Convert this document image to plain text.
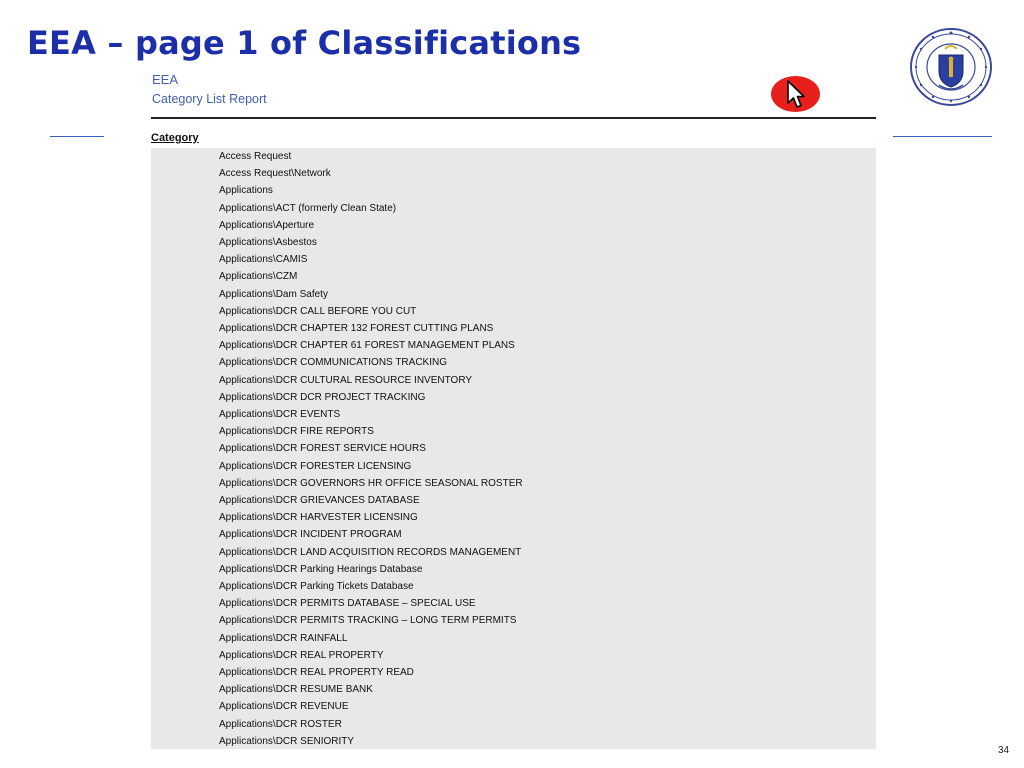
EEA – page 1 of Classifications
EEA
Category List Report
Category
Access Request
Access Request\Network
Applications
Applications\ACT (formerly Clean State)
Applications\Aperture
Applications\Asbestos
Applications\CAMIS
Applications\CZM
Applications\Dam Safety
Applications\DCR CALL BEFORE YOU CUT
Applications\DCR CHAPTER 132 FOREST CUTTING PLANS
Applications\DCR CHAPTER 61 FOREST MANAGEMENT PLANS
Applications\DCR COMMUNICATIONS TRACKING
Applications\DCR CULTURAL RESOURCE INVENTORY
Applications\DCR DCR PROJECT TRACKING
Applications\DCR EVENTS
Applications\DCR FIRE REPORTS
Applications\DCR FOREST SERVICE HOURS
Applications\DCR FORESTER LICENSING
Applications\DCR GOVERNORS HR OFFICE SEASONAL ROSTER
Applications\DCR GRIEVANCES DATABASE
Applications\DCR HARVESTER LICENSING
Applications\DCR INCIDENT PROGRAM
Applications\DCR LAND ACQUISITION RECORDS MANAGEMENT
Applications\DCR Parking Hearings Database
Applications\DCR Parking Tickets Database
Applications\DCR PERMITS DATABASE – SPECIAL USE
Applications\DCR PERMITS TRACKING – LONG TERM PERMITS
Applications\DCR RAINFALL
Applications\DCR REAL PROPERTY
Applications\DCR REAL PROPERTY READ
Applications\DCR RESUME BANK
Applications\DCR REVENUE
Applications\DCR ROSTER
Applications\DCR SENIORITY
34
